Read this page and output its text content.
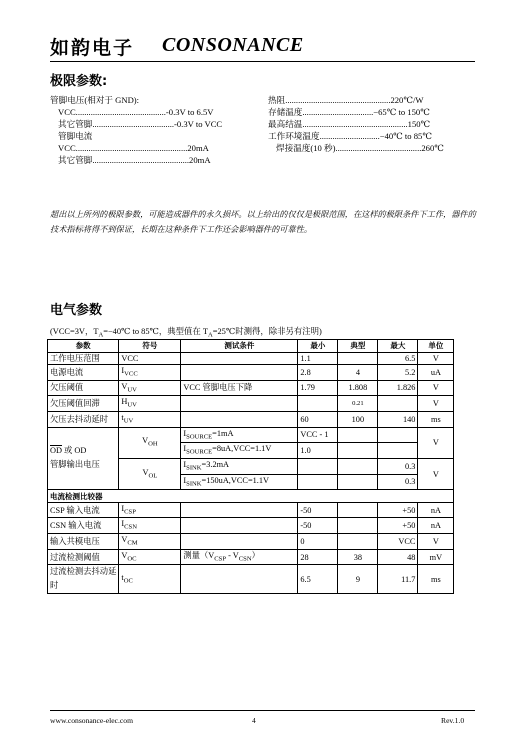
如韵电子 CONSONANCE
极限参数:
管脚电压(相对于 GND):
VCC..........................................-0.3V to 6.5V
其它管脚......................................-0.3V to VCC
管脚电流
VCC....................................................20mA
其它管脚.............................................20mA
热阻.................................................220℃/W
存储温度.................................−65℃ to 150℃
最高结温.................................................150℃
工作环境温度............................−40℃ to 85℃
焊接温度(10 秒)........................................260℃
超出以上所列的极限参数，可能造成器件的永久损坏。以上给出的仅仅是极限范围，在这样的极限条件下工作，器件的技术指标将得不到保证，长期在这种条件下工作还会影响器件的可靠性。
电气参数
(VCC=3V，$T_A=-40℃$ to 85℃，典型值在 $T_A=25℃$时测得，除非另有注明)
参数	符号	测试条件	最小	典型	最大	单位
工作电压范围	VCC		1.1		6.5	V
电源电流	$I_{VCC}$		2.8	4	5.2	uA
欠压阈值	$V_{UV}$	VCC 管脚电压下降	1.79	1.808	1.826	V
欠压阈值回滞	$H_{UV}$			0.21		V
欠压去抖动延时	$t_{UV}$		60	100	140	ms

$\overline{OD}$ 或 OD
管脚输出电压	$V_{OH}$	$I_{SOURCE}=1mA$	VCC - 1			V
		$I_{SOURCE}=8uA,VCC=1.1V$	1.0			
	$V_{OL}$	$I_{SINK}=3.2mA$			0.3	V
		$I_{SINK}=150uA,VCC=1.1V$			0.3	
电流检测比较器						
CSP 输入电流	$I_{CSP}$		-50		+50	nA
CSN 输入电流	$I_{CSN}$		-50		+50	nA
输入共模电压	$V_{CM}$		0		VCC	V
过流检测阈值	$V_{OC}$	测量$(V_{CSP} - V_{CSN})$	28	38	48	mV

过流检测去抖动延
时	$t_{OC}$		6.5	9	11.7	ms
www.consonance-elec.com	4	Rev.1.0
